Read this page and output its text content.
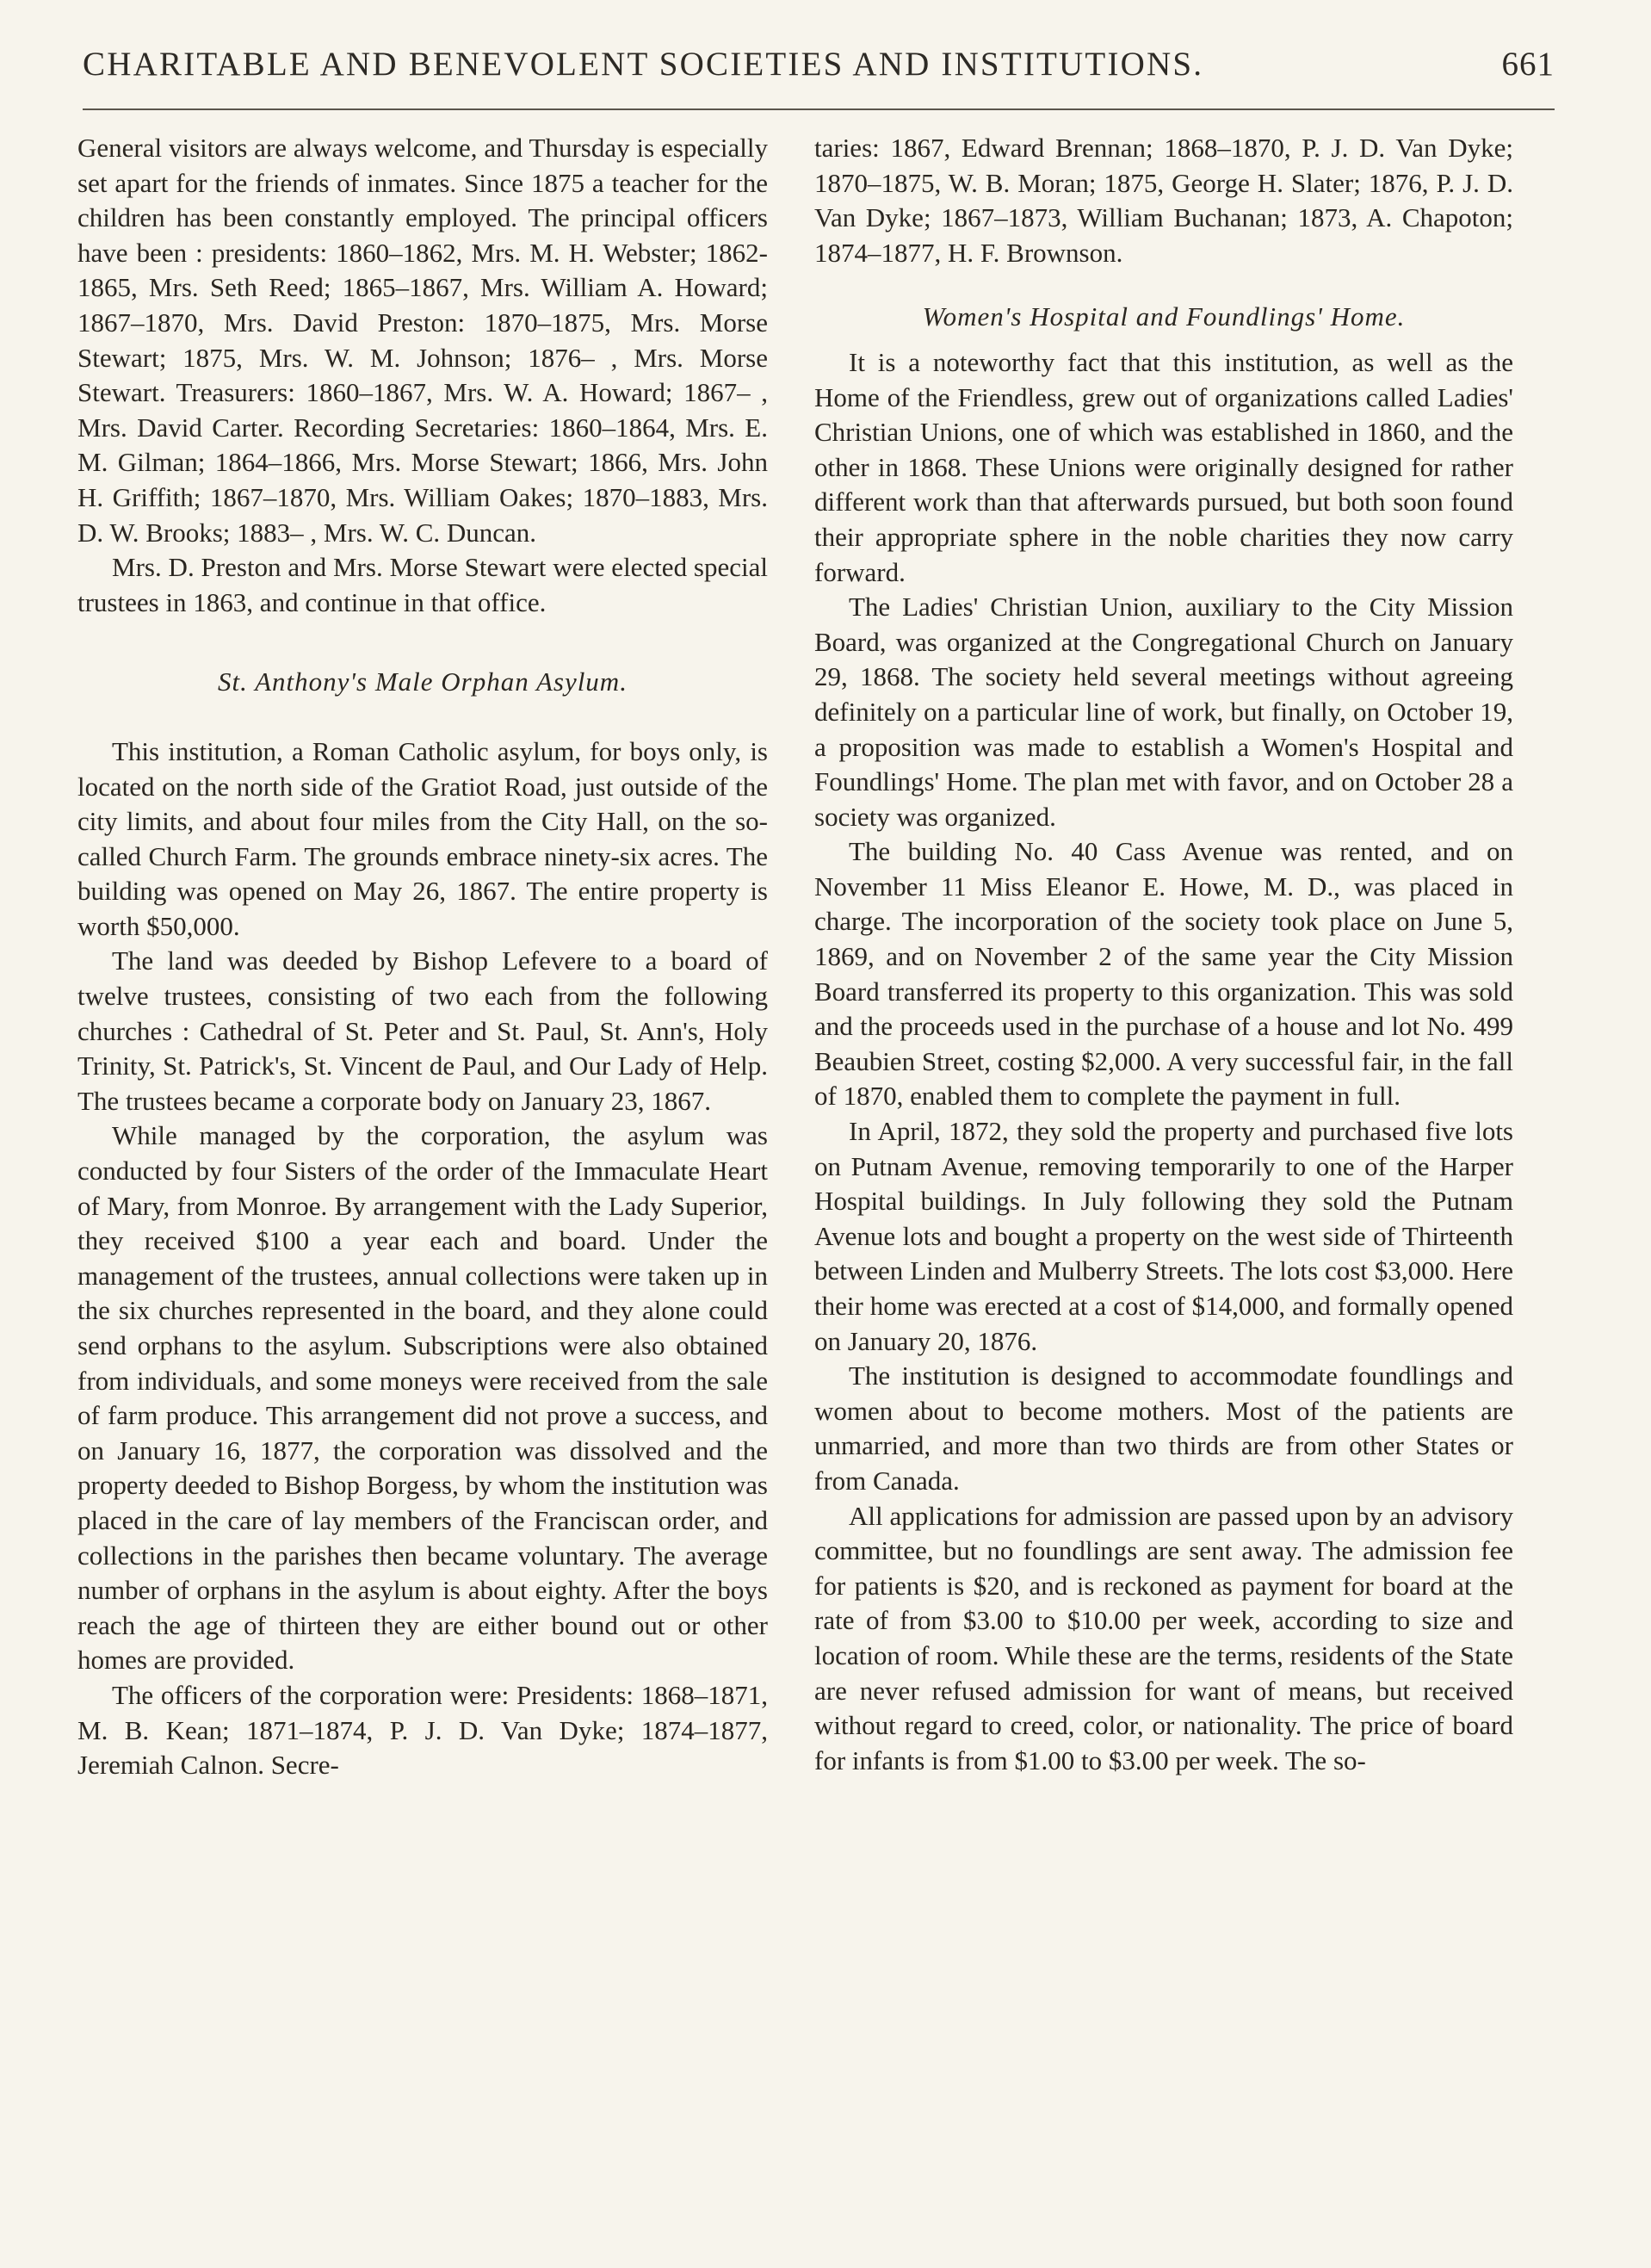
CHARITABLE AND BENEVOLENT SOCIETIES AND INSTITUTIONS.	661

General visitors are always welcome, and Thursday is especially set apart for the friends of inmates. Since 1875 a teacher for the children has been constantly employed. The principal officers have been : presidents: 1860–1862, Mrs. M. H. Webster; 1862-1865, Mrs. Seth Reed; 1865–1867, Mrs. William A. Howard; 1867–1870, Mrs. David Preston: 1870–1875, Mrs. Morse Stewart; 1875, Mrs. W. M. Johnson; 1876– , Mrs. Morse Stewart. Treasurers: 1860–1867, Mrs. W. A. Howard; 1867– , Mrs. David Carter. Recording Secretaries: 1860–1864, Mrs. E. M. Gilman; 1864–1866, Mrs. Morse Stewart; 1866, Mrs. John H. Griffith; 1867–1870, Mrs. William Oakes; 1870–1883, Mrs. D. W. Brooks; 1883– , Mrs. W. C. Duncan.

Mrs. D. Preston and Mrs. Morse Stewart were elected special trustees in 1863, and continue in that office.

St. Anthony's Male Orphan Asylum.

This institution, a Roman Catholic asylum, for boys only, is located on the north side of the Gratiot Road, just outside of the city limits, and about four miles from the City Hall, on the so-called Church Farm. The grounds embrace ninety-six acres. The building was opened on May 26, 1867. The entire property is worth $50,000.

The land was deeded by Bishop Lefevere to a board of twelve trustees, consisting of two each from the following churches : Cathedral of St. Peter and St. Paul, St. Ann's, Holy Trinity, St. Patrick's, St. Vincent de Paul, and Our Lady of Help. The trustees became a corporate body on January 23, 1867.

While managed by the corporation, the asylum was conducted by four Sisters of the order of the Immaculate Heart of Mary, from Monroe. By arrangement with the Lady Superior, they received $100 a year each and board. Under the management of the trustees, annual collections were taken up in the six churches represented in the board, and they alone could send orphans to the asylum. Subscriptions were also obtained from individuals, and some moneys were received from the sale of farm produce. This arrangement did not prove a success, and on January 16, 1877, the corporation was dissolved and the property deeded to Bishop Borgess, by whom the institution was placed in the care of lay members of the Franciscan order, and collections in the parishes then became voluntary. The average number of orphans in the asylum is about eighty. After the boys reach the age of thirteen they are either bound out or other homes are provided.

The officers of the corporation were: Presidents: 1868–1871, M. B. Kean; 1871–1874, P. J. D. Van Dyke; 1874–1877, Jeremiah Calnon. Secre-

taries: 1867, Edward Brennan; 1868–1870, P. J. D. Van Dyke; 1870–1875, W. B. Moran; 1875, George H. Slater; 1876, P. J. D. Van Dyke; 1867–1873, William Buchanan; 1873, A. Chapoton; 1874–1877, H. F. Brownson.

Women's Hospital and Foundlings' Home.

It is a noteworthy fact that this institution, as well as the Home of the Friendless, grew out of organizations called Ladies' Christian Unions, one of which was established in 1860, and the other in 1868. These Unions were originally designed for rather different work than that afterwards pursued, but both soon found their appropriate sphere in the noble charities they now carry forward.

The Ladies' Christian Union, auxiliary to the City Mission Board, was organized at the Congregational Church on January 29, 1868. The society held several meetings without agreeing definitely on a particular line of work, but finally, on October 19, a proposition was made to establish a Women's Hospital and Foundlings' Home. The plan met with favor, and on October 28 a society was organized.

The building No. 40 Cass Avenue was rented, and on November 11 Miss Eleanor E. Howe, M. D., was placed in charge. The incorporation of the society took place on June 5, 1869, and on November 2 of the same year the City Mission Board transferred its property to this organization. This was sold and the proceeds used in the purchase of a house and lot No. 499 Beaubien Street, costing $2,000. A very successful fair, in the fall of 1870, enabled them to complete the payment in full.

In April, 1872, they sold the property and purchased five lots on Putnam Avenue, removing temporarily to one of the Harper Hospital buildings. In July following they sold the Putnam Avenue lots and bought a property on the west side of Thirteenth between Linden and Mulberry Streets. The lots cost $3,000. Here their home was erected at a cost of $14,000, and formally opened on January 20, 1876.

The institution is designed to accommodate foundlings and women about to become mothers. Most of the patients are unmarried, and more than two thirds are from other States or from Canada.

All applications for admission are passed upon by an advisory committee, but no foundlings are sent away. The admission fee for patients is $20, and is reckoned as payment for board at the rate of from $3.00 to $10.00 per week, according to size and location of room. While these are the terms, residents of the State are never refused admission for want of means, but received without regard to creed, color, or nationality. The price of board for infants is from $1.00 to $3.00 per week. The so-
